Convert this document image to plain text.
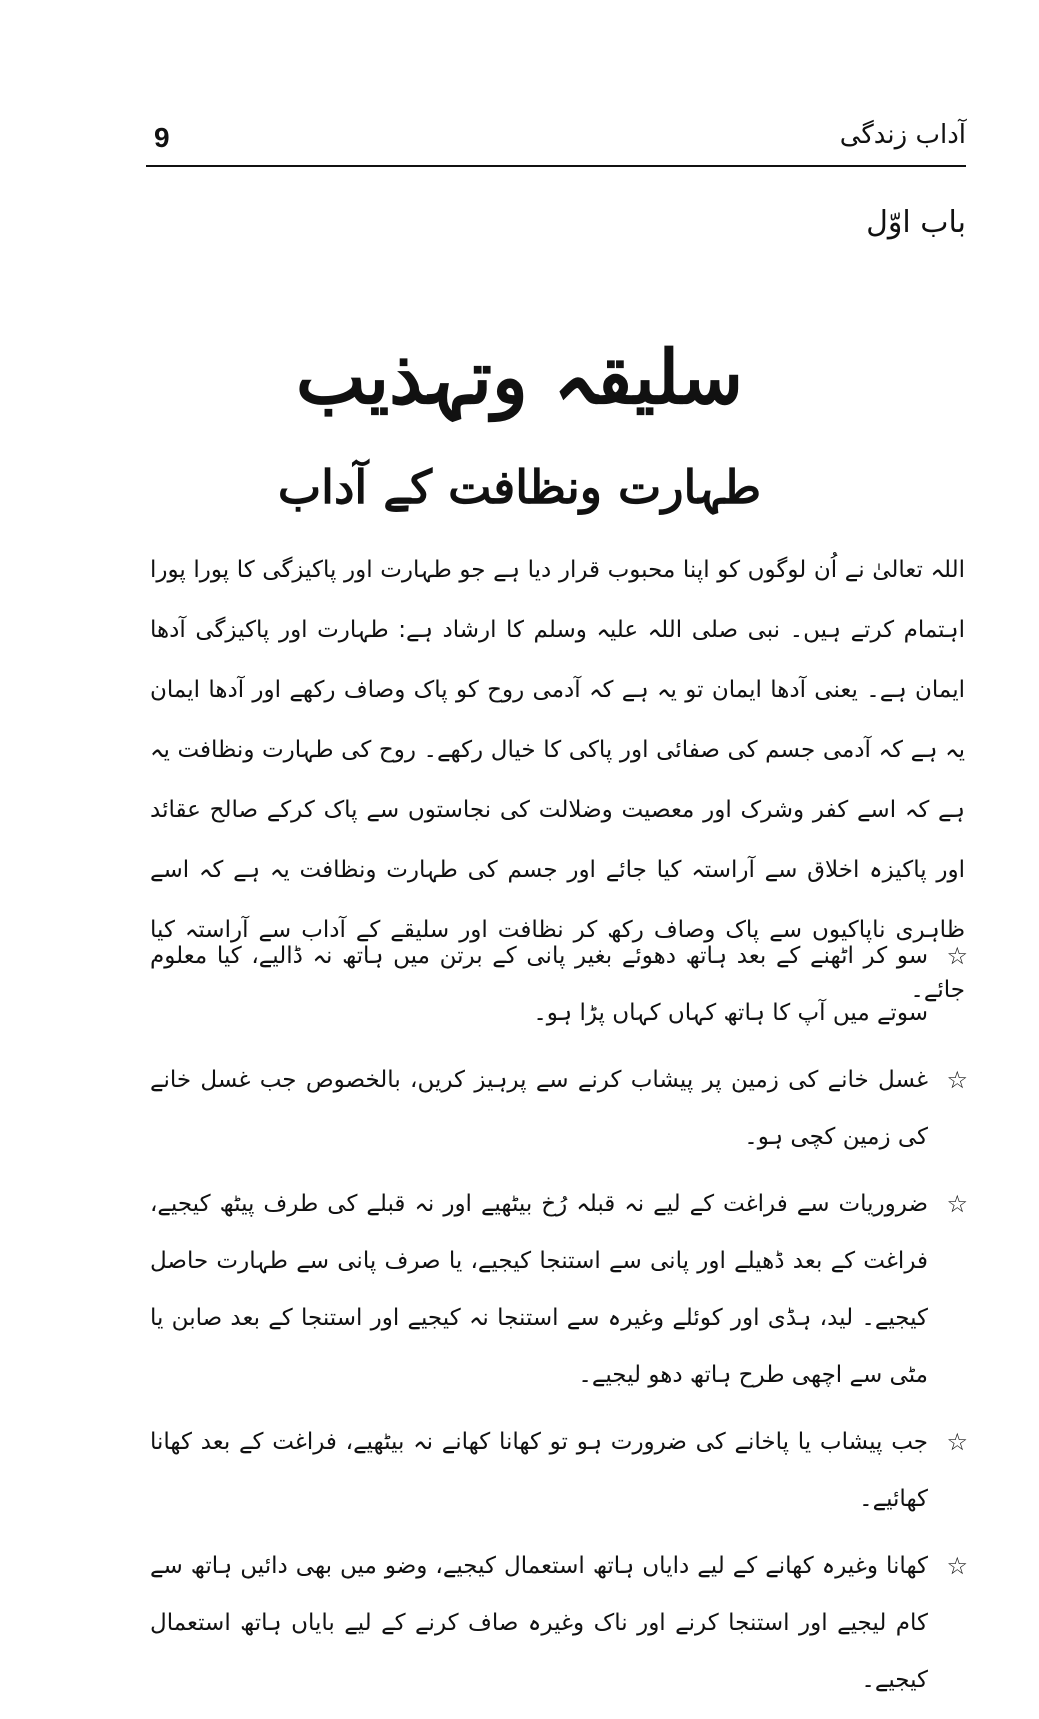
9	آداب زندگی
باب اوّل
سلیقہ وتہذیب
طہارت ونظافت کے آداب
اللہ تعالیٰ نے اُن لوگوں کو اپنا محبوب قرار دیا ہے جو طہارت اور پاکیزگی کا پورا پورا اہتمام کرتے ہیں۔ نبی صلی اللہ علیہ وسلم کا ارشاد ہے: طہارت اور پاکیزگی آدھا ایمان ہے۔ یعنی آدھا ایمان تو یہ ہے کہ آدمی روح کو پاک وصاف رکھے اور آدھا ایمان یہ ہے کہ آدمی جسم کی صفائی اور پاکی کا خیال رکھے۔ روح کی طہارت ونظافت یہ ہے کہ اسے کفر وشرک اور معصیت وضلالت کی نجاستوں سے پاک کرکے صالح عقائد اور پاکیزہ اخلاق سے آراستہ کیا جائے اور جسم کی طہارت ونظافت یہ ہے کہ اسے ظاہری ناپاکیوں سے پاک وصاف رکھ کر نظافت اور سلیقے کے آداب سے آراستہ کیا جائے۔
☆
سو کر اٹھنے کے بعد ہاتھ دھوئے بغیر پانی کے برتن میں ہاتھ نہ ڈالیے، کیا معلوم سوتے میں آپ کا ہاتھ کہاں کہاں پڑا ہو۔
☆
غسل خانے کی زمین پر پیشاب کرنے سے پرہیز کریں، بالخصوص جب غسل خانے کی زمین کچی ہو۔
☆
ضروریات سے فراغت کے لیے نہ قبلہ رُخ بیٹھیے اور نہ قبلے کی طرف پیٹھ کیجیے، فراغت کے بعد ڈھیلے اور پانی سے استنجا کیجیے، یا صرف پانی سے طہارت حاصل کیجیے۔ لید، ہڈی اور کوئلے وغیرہ سے استنجا نہ کیجیے اور استنجا کے بعد صابن یا مٹی سے اچھی طرح ہاتھ دھو لیجیے۔
☆
جب پیشاب یا پاخانے کی ضرورت ہو تو کھانا کھانے نہ بیٹھیے، فراغت کے بعد کھانا کھائیے۔
☆
کھانا وغیرہ کھانے کے لیے دایاں ہاتھ استعمال کیجیے، وضو میں بھی دائیں ہاتھ سے کام لیجیے اور استنجا کرنے اور ناک وغیرہ صاف کرنے کے لیے بایاں ہاتھ استعمال کیجیے۔
